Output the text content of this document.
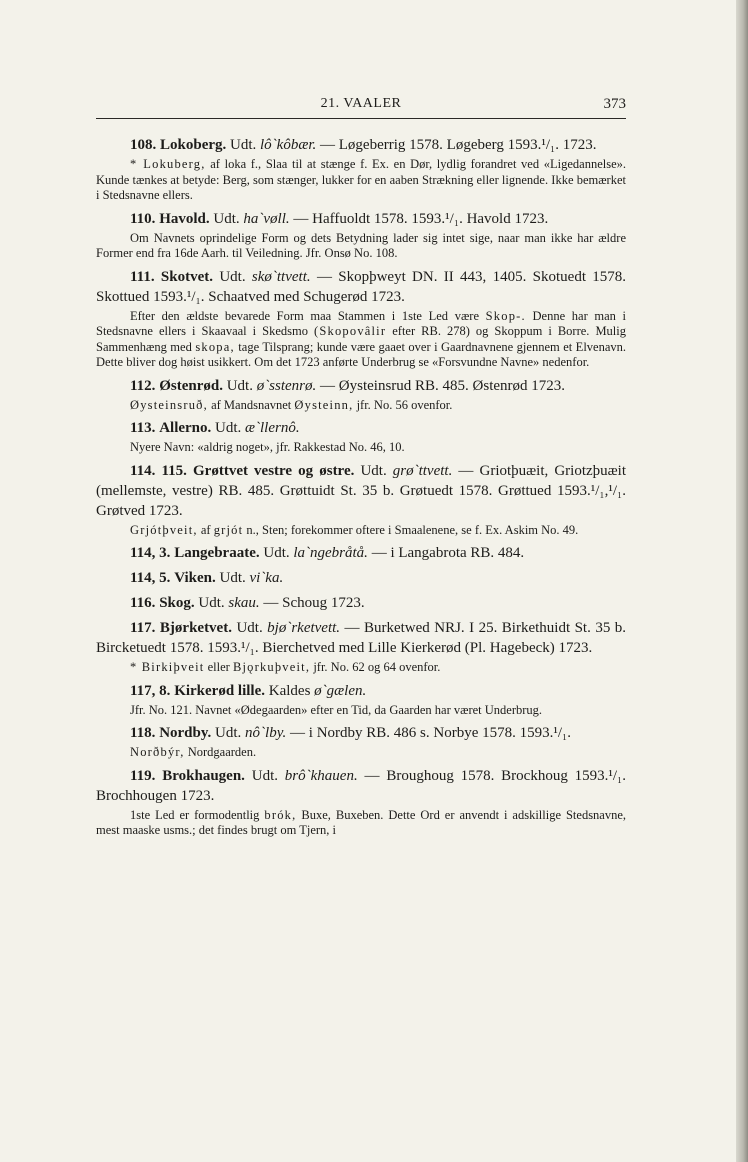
21. VAALER	373
108. Lokoberg. Udt. lô`kôbær. — Løgeberrig 1578. Løgeberg 1593.¹/₁. 1723.
* Lokuberg, af loka f., Slaa til at stænge f. Ex. en Dør, lydlig forandret ved «Ligedannelse». Kunde tænkes at betyde: Berg, som stænger, lukker for en aaben Strækning eller lignende. Ikke bemærket i Stedsnavne ellers.
110. Havold. Udt. ha`vøll. — Haffuoldt 1578. 1593.¹/₁. Havold 1723.
Om Navnets oprindelige Form og dets Betydning lader sig intet sige, naar man ikke har ældre Former end fra 16de Aarh. til Veiledning. Jfr. Onsø No. 108.
111. Skotvet. Udt. skø`ttvett. — Skopþweyt DN. II 443, 1405. Skotuedt 1578. Skottued 1593.¹/₁. Schaatved med Schugerød 1723.
Efter den ældste bevarede Form maa Stammen i 1ste Led være Skop-. Denne har man i Stedsnavne ellers i Skaavaal i Skedsmo (Skopovâlir efter RB. 278) og Skoppum i Borre. Mulig Sammenhæng med skopa, tage Tilsprang; kunde være gaaet over i Gaardnavnene gjennem et Elvenavn. Dette bliver dog høist usikkert. Om det 1723 anførte Underbrug se «Forsvundne Navne» nedenfor.
112. Østenrød. Udt. ø`sstenrø. — Øysteinsrud RB. 485. Østenrød 1723.
Øysteinsruð, af Mandsnavnet Øysteinn, jfr. No. 56 ovenfor.
113. Allerno. Udt. æ`llernô.
Nyere Navn: «aldrig noget», jfr. Rakkestad No. 46, 10.
114. 115. Grøttvet vestre og østre. Udt. grø`ttvett. — Griotþuæit, Griotzþuæit (mellemste, vestre) RB. 485. Grøttuidt St. 35 b. Grøtuedt 1578. Grøttued 1593.¹/₁,¹/₁. Grøtved 1723.
Grjótþveit, af grjót n., Sten; forekommer oftere i Smaalenene, se f. Ex. Askim No. 49.
114, 3. Langebraate. Udt. la`ngebråtå. — i Langabrota RB. 484.
114, 5. Viken. Udt. vi`ka.
116. Skog. Udt. skau. — Schoug 1723.
117. Bjørketvet. Udt. bjø`rketvett. — Burketwed NRJ. I 25. Birkethuidt St. 35 b. Bircketuedt 1578. 1593.¹/₁. Bierchetved med Lille Kierkerød (Pl. Hagebeck) 1723.
* Birkiþveit eller Bjǫrkuþveit, jfr. No. 62 og 64 ovenfor.
117, 8. Kirkerød lille. Kaldes ø`gælen.
Jfr. No. 121. Navnet «Ødegaarden» efter en Tid, da Gaarden har været Underbrug.
118. Nordby. Udt. nô`lby. — i Nordby RB. 486 s. Norbye 1578. 1593.¹/₁.
Norðbýr, Nordgaarden.
119. Brokhaugen. Udt. brô`khauen. — Broughoug 1578. Brockhoug 1593.¹/₁. Brochhougen 1723.
1ste Led er formodentlig brók, Buxe, Buxeben. Dette Ord er anvendt i adskillige Stedsnavne, mest maaske usms.; det findes brugt om Tjern, i
